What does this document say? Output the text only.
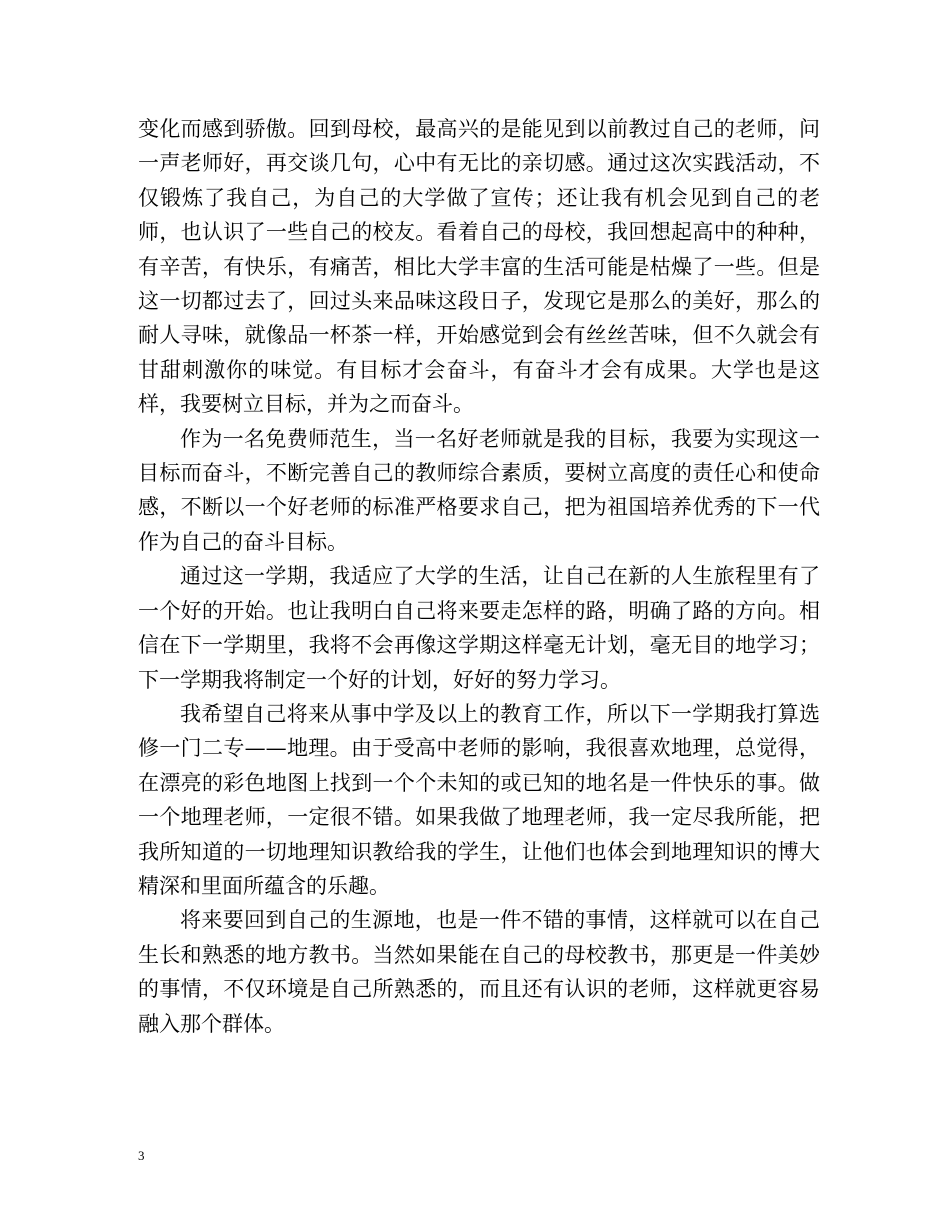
变化而感到骄傲。回到母校，最高兴的是能见到以前教过自己的老师，问一声老师好，再交谈几句，心中有无比的亲切感。通过这次实践活动，不仅锻炼了我自己，为自己的大学做了宣传；还让我有机会见到自己的老师，也认识了一些自己的校友。看着自己的母校，我回想起高中的种种，有辛苦，有快乐，有痛苦，相比大学丰富的生活可能是枯燥了一些。但是这一切都过去了，回过头来品味这段日子，发现它是那么的美好，那么的耐人寻味，就像品一杯茶一样，开始感觉到会有丝丝苦味，但不久就会有甘甜刺激你的味觉。有目标才会奋斗，有奋斗才会有成果。大学也是这样，我要树立目标，并为之而奋斗。

作为一名免费师范生，当一名好老师就是我的目标，我要为实现这一目标而奋斗，不断完善自己的教师综合素质，要树立高度的责任心和使命感，不断以一个好老师的标准严格要求自己，把为祖国培养优秀的下一代作为自己的奋斗目标。

通过这一学期，我适应了大学的生活，让自己在新的人生旅程里有了一个好的开始。也让我明白自己将来要走怎样的路，明确了路的方向。相信在下一学期里，我将不会再像这学期这样毫无计划，毫无目的地学习；下一学期我将制定一个好的计划，好好的努力学习。

我希望自己将来从事中学及以上的教育工作，所以下一学期我打算选修一门二专——地理。由于受高中老师的影响，我很喜欢地理，总觉得，在漂亮的彩色地图上找到一个个未知的或已知的地名是一件快乐的事。做一个地理老师，一定很不错。如果我做了地理老师，我一定尽我所能，把我所知道的一切地理知识教给我的学生，让他们也体会到地理知识的博大精深和里面所蕴含的乐趣。

将来要回到自己的生源地，也是一件不错的事情，这样就可以在自己生长和熟悉的地方教书。当然如果能在自己的母校教书，那更是一件美妙的事情，不仅环境是自己所熟悉的，而且还有认识的老师，这样就更容易融入那个群体。

3
